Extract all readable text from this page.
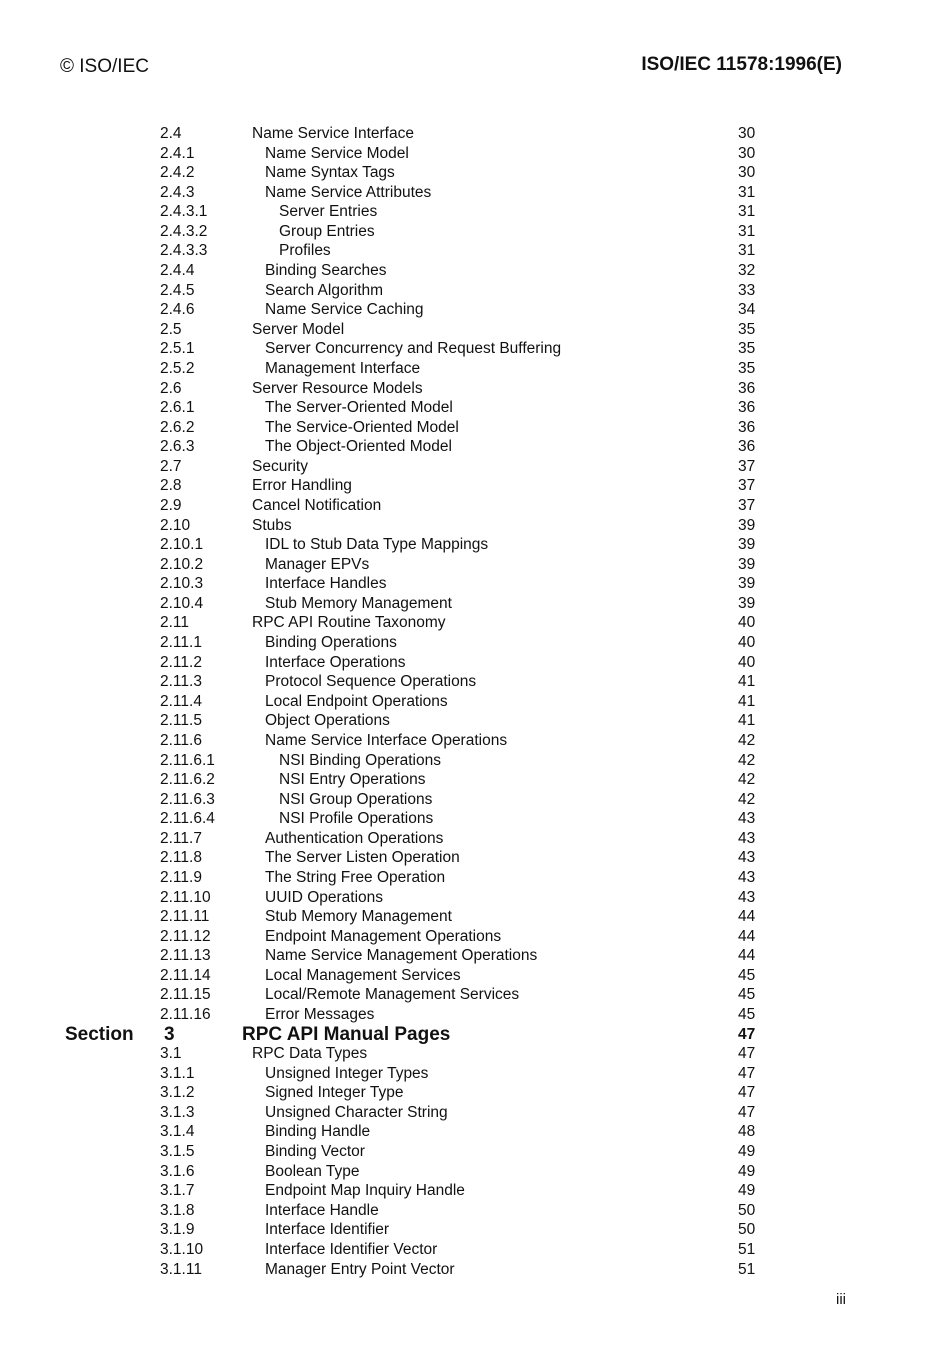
© ISO/IEC	ISO/IEC 11578:1996(E)
2.4	Name Service Interface	30
2.4.1	Name Service Model	30
2.4.2	Name Syntax Tags	30
2.4.3	Name Service Attributes	31
2.4.3.1	Server Entries	31
2.4.3.2	Group Entries	31
2.4.3.3	Profiles	31
2.4.4	Binding Searches	32
2.4.5	Search Algorithm	33
2.4.6	Name Service Caching	34
2.5	Server Model	35
2.5.1	Server Concurrency and Request Buffering	35
2.5.2	Management Interface	35
2.6	Server Resource Models	36
2.6.1	The Server-Oriented Model	36
2.6.2	The Service-Oriented Model	36
2.6.3	The Object-Oriented Model	36
2.7	Security	37
2.8	Error Handling	37
2.9	Cancel Notification	37
2.10	Stubs	39
2.10.1	IDL to Stub Data Type Mappings	39
2.10.2	Manager EPVs	39
2.10.3	Interface Handles	39
2.10.4	Stub Memory Management	39
2.11	RPC API Routine Taxonomy	40
2.11.1	Binding Operations	40
2.11.2	Interface Operations	40
2.11.3	Protocol Sequence Operations	41
2.11.4	Local Endpoint Operations	41
2.11.5	Object Operations	41
2.11.6	Name Service Interface Operations	42
2.11.6.1	NSI Binding Operations	42
2.11.6.2	NSI Entry Operations	42
2.11.6.3	NSI Group Operations	42
2.11.6.4	NSI Profile Operations	43
2.11.7	Authentication Operations	43
2.11.8	The Server Listen Operation	43
2.11.9	The String Free Operation	43
2.11.10	UUID Operations	43
2.11.11	Stub Memory Management	44
2.11.12	Endpoint Management Operations	44
2.11.13	Name Service Management Operations	44
2.11.14	Local Management Services	45
2.11.15	Local/Remote Management Services	45
2.11.16	Error Messages	45
Section 3	RPC API Manual Pages	47
3.1	RPC Data Types	47
3.1.1	Unsigned Integer Types	47
3.1.2	Signed Integer Type	47
3.1.3	Unsigned Character String	47
3.1.4	Binding Handle	48
3.1.5	Binding Vector	49
3.1.6	Boolean Type	49
3.1.7	Endpoint Map Inquiry Handle	49
3.1.8	Interface Handle	50
3.1.9	Interface Identifier	50
3.1.10	Interface Identifier Vector	51
3.1.11	Manager Entry Point Vector	51
iii
